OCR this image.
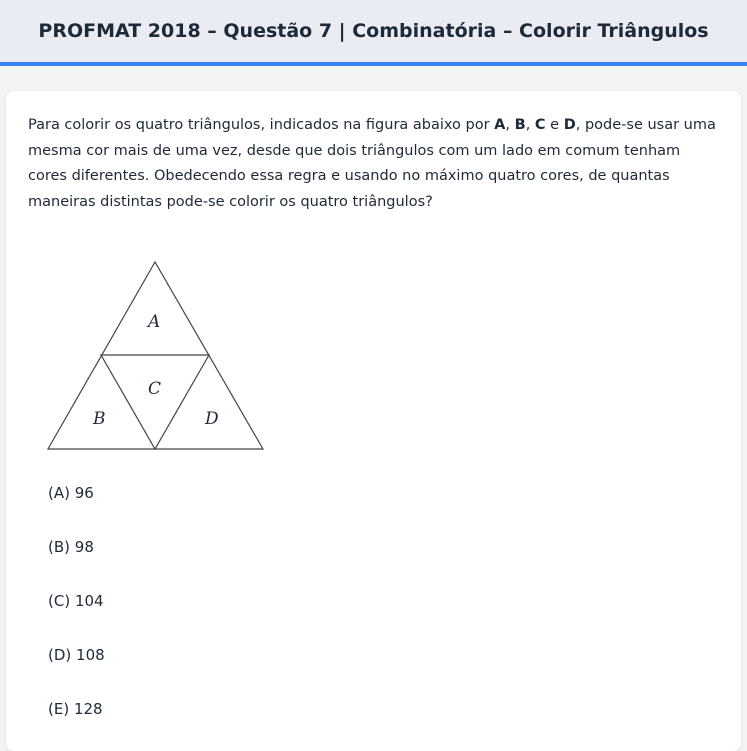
PROFMAT 2018 – Questão 7 | Combinatória – Colorir Triângulos

Para colorir os quatro triângulos, indicados na figura abaixo por A, B, C e D, pode-se usar uma mesma cor mais de uma vez, desde que dois triângulos com um lado em comum tenham cores diferentes. Obedecendo essa regra e usando no máximo quatro cores, de quantas maneiras distintas pode-se colorir os quatro triângulos?

A
C
B	D
(A) 96
(B) 98
(C) 104
(D) 108
(E) 128
